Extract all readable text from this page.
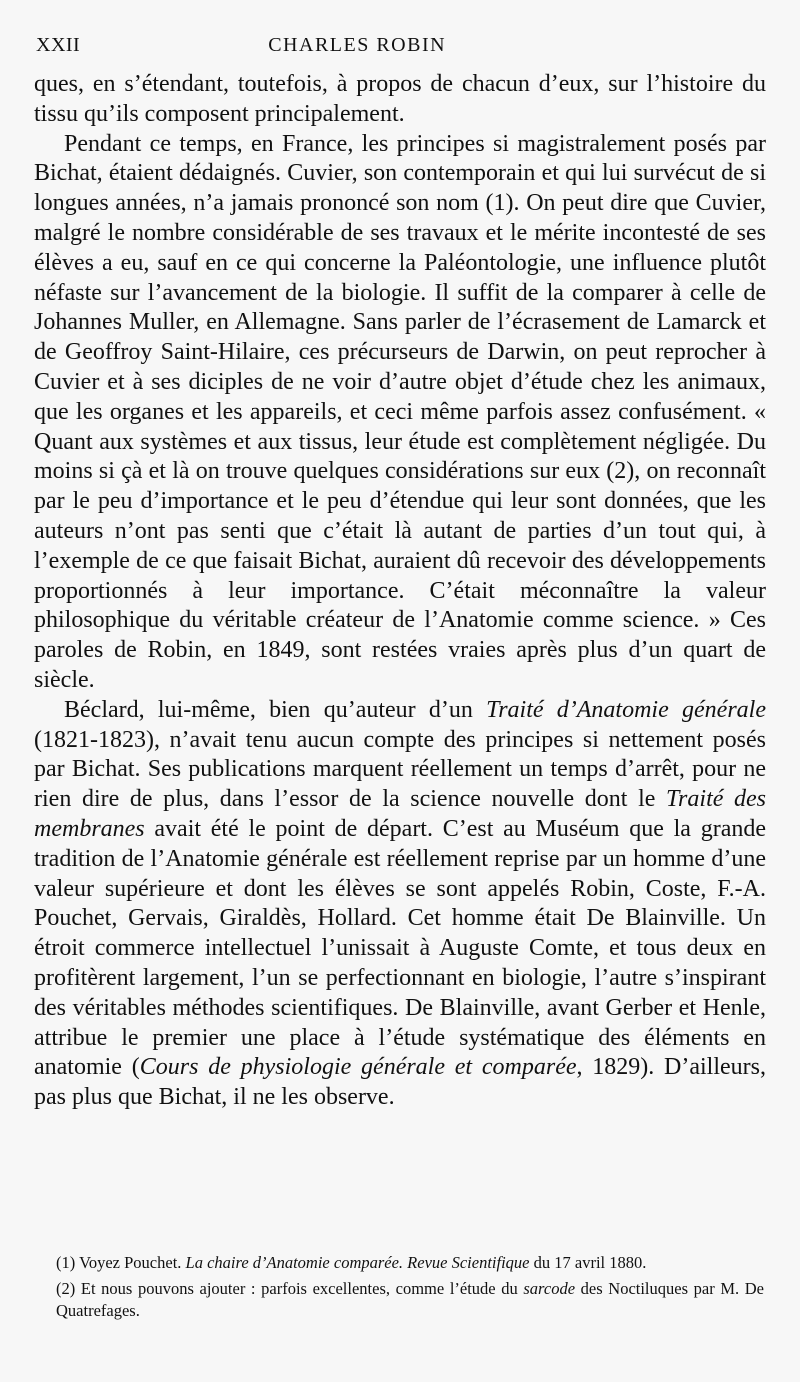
XXII	CHARLES ROBIN

ques, en s’étendant, toutefois, à propos de chacun d’eux, sur l’histoire du tissu qu’ils composent principalement.

Pendant ce temps, en France, les principes si magistralement posés par Bichat, étaient dédaignés. Cuvier, son contemporain et qui lui survécut de si longues années, n’a jamais prononcé son nom (1). On peut dire que Cuvier, malgré le nombre considérable de ses travaux et le mérite incontesté de ses élèves a eu, sauf en ce qui concerne la Paléontologie, une influence plutôt néfaste sur l’avancement de la biologie. Il suffit de la comparer à celle de Johannes Muller, en Allemagne. Sans parler de l’écrasement de Lamarck et de Geoffroy Saint-Hilaire, ces précurseurs de Darwin, on peut reprocher à Cuvier et à ses diciples de ne voir d’autre objet d’étude chez les animaux, que les organes et les appareils, et ceci même parfois assez confusément. « Quant aux systèmes et aux tissus, leur étude est complètement négligée. Du moins si çà et là on trouve quelques considérations sur eux (2), on reconnaît par le peu d’importance et le peu d’étendue qui leur sont données, que les auteurs n’ont pas senti que c’était là autant de parties d’un tout qui, à l’exemple de ce que faisait Bichat, auraient dû recevoir des développements proportionnés à leur importance. C’était méconnaître la valeur philosophique du véritable créateur de l’Anatomie comme science. » Ces paroles de Robin, en 1849, sont restées vraies après plus d’un quart de siècle.

Béclard, lui-même, bien qu’auteur d’un Traité d’Anatomie générale (1821-1823), n’avait tenu aucun compte des principes si nettement posés par Bichat. Ses publications marquent réellement un temps d’arrêt, pour ne rien dire de plus, dans l’essor de la science nouvelle dont le Traité des membranes avait été le point de départ. C’est au Muséum que la grande tradition de l’Anatomie générale est réellement reprise par un homme d’une valeur supérieure et dont les élèves se sont appelés Robin, Coste, F.-A. Pouchet, Gervais, Giraldès, Hollard. Cet homme était De Blainville. Un étroit commerce intellectuel l’unissait à Auguste Comte, et tous deux en profitèrent largement, l’un se perfectionnant en biologie, l’autre s’inspirant des véritables méthodes scientifiques. De Blainville, avant Gerber et Henle, attribue le premier une place à l’étude systématique des éléments en anatomie (Cours de physiologie générale et comparée, 1829). D’ailleurs, pas plus que Bichat, il ne les observe.

(1) Voyez Pouchet. La chaire d’Anatomie comparée. Revue Scientifique du 17 avril 1880.

(2) Et nous pouvons ajouter : parfois excellentes, comme l’étude du sarcode des Noctiluques par M. De Quatrefages.
